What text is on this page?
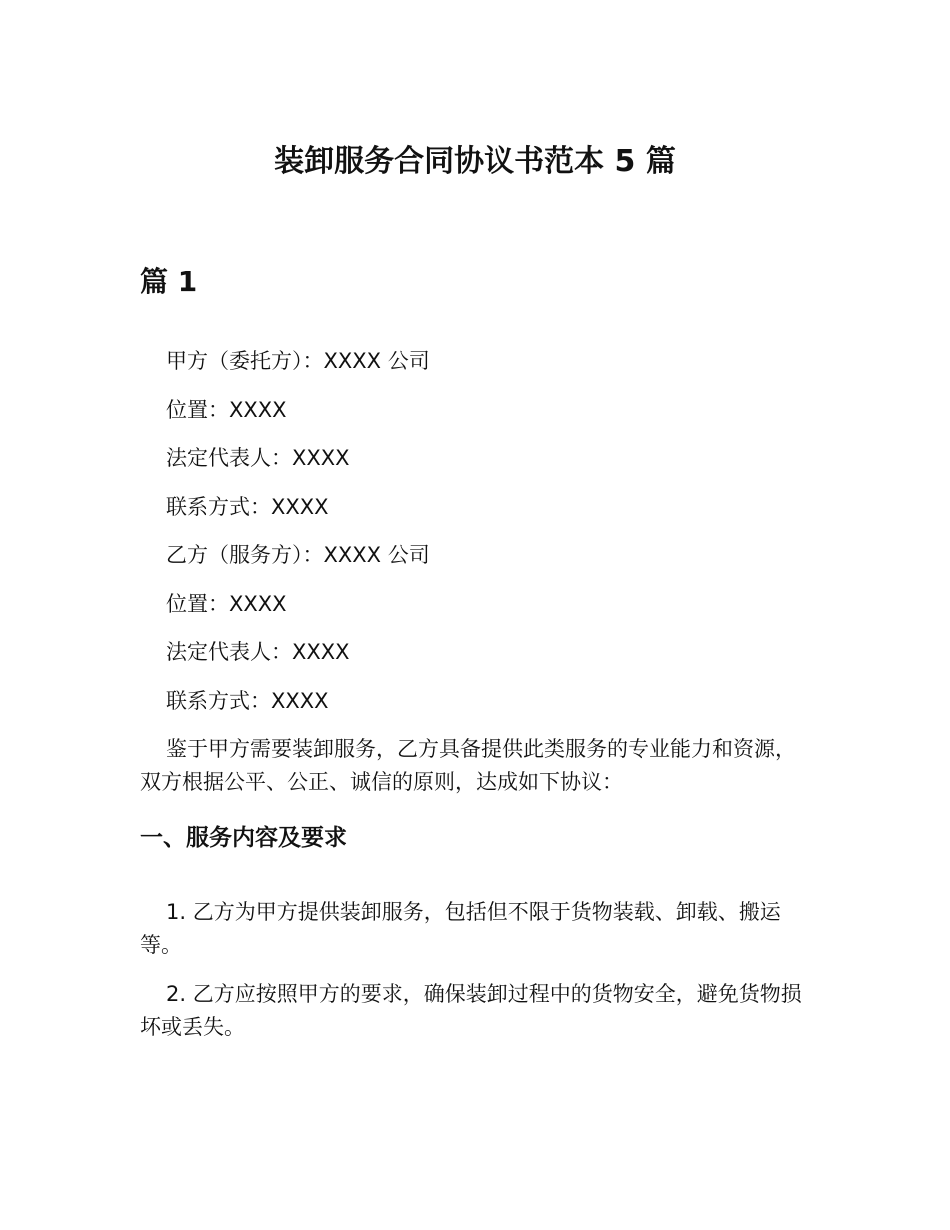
装卸服务合同协议书范本 5 篇
篇 1

甲方（委托方）：XXXX 公司

位置：XXXX

法定代表人：XXXX

联系方式：XXXX

乙方（服务方）：XXXX 公司

位置：XXXX

法定代表人：XXXX

联系方式：XXXX

鉴于甲方需要装卸服务，乙方具备提供此类服务的专业能力和资源，双方根据公平、公正、诚信的原则，达成如下协议：

一、服务内容及要求

1. 乙方为甲方提供装卸服务，包括但不限于货物装载、卸载、搬运等。

2. 乙方应按照甲方的要求，确保装卸过程中的货物安全，避免货物损坏或丢失。
